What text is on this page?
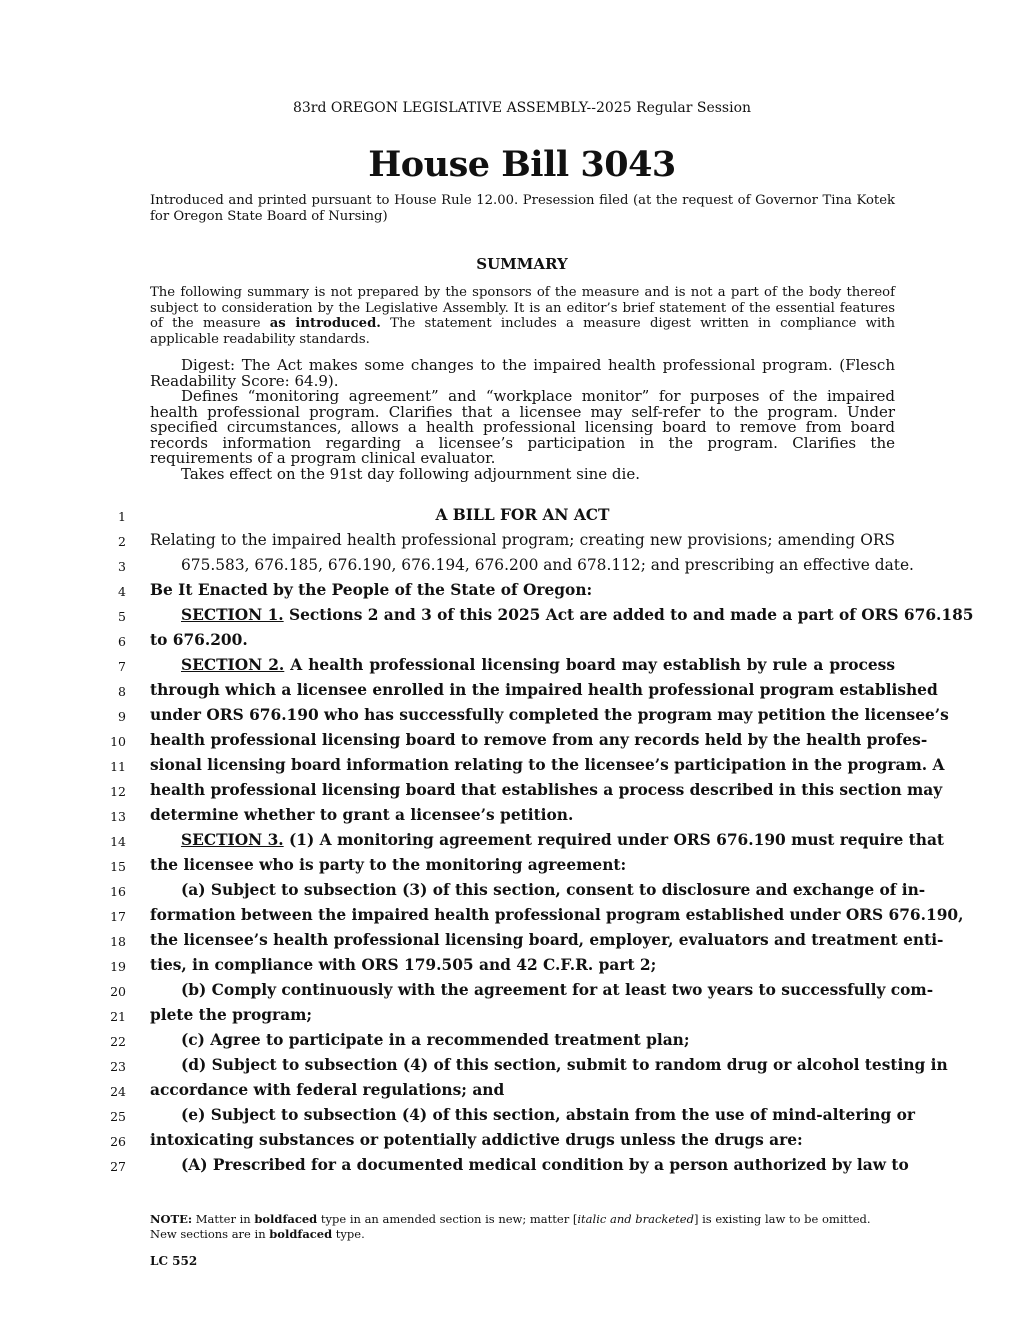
83rd OREGON LEGISLATIVE ASSEMBLY--2025 Regular Session
House Bill 3043

Introduced and printed pursuant to House Rule 12.00. Presession filed (at the request of Governor Tina Kotek for Oregon State Board of Nursing)

SUMMARY

The following summary is not prepared by the sponsors of the measure and is not a part of the body thereof subject to consideration by the Legislative Assembly. It is an editor’s brief statement of the essential features of the measure as introduced. The statement includes a measure digest written in compliance with applicable readability standards.

Digest: The Act makes some changes to the impaired health professional program. (Flesch Readability Score: 64.9).

Defines “monitoring agreement” and “workplace monitor” for purposes of the impaired health professional program. Clarifies that a licensee may self-refer to the program. Under specified circumstances, allows a health professional licensing board to remove from board records information regarding a licensee’s participation in the program. Clarifies the requirements of a program clinical evaluator.

Takes effect on the 91st day following adjournment sine die.

1	A BILL FOR AN ACT
2 Relating to the impaired health professional program; creating new provisions; amending ORS
3	675.583, 676.185, 676.190, 676.194, 676.200 and 678.112; and prescribing an effective date.
4 Be It Enacted by the People of the State of Oregon:
5	SECTION 1. Sections 2 and 3 of this 2025 Act are added to and made a part of ORS 676.185
6 to 676.200.
7	SECTION 2. A health professional licensing board may establish by rule a process
8 through which a licensee enrolled in the impaired health professional program established
9 under ORS 676.190 who has successfully completed the program may petition the licensee’s
10 health professional licensing board to remove from any records held by the health profes-
11 sional licensing board information relating to the licensee’s participation in the program. A
12 health professional licensing board that establishes a process described in this section may
13 determine whether to grant a licensee’s petition.
14	SECTION 3. (1) A monitoring agreement required under ORS 676.190 must require that
15 the licensee who is party to the monitoring agreement:
16	(a) Subject to subsection (3) of this section, consent to disclosure and exchange of in-
17 formation between the impaired health professional program established under ORS 676.190,
18 the licensee’s health professional licensing board, employer, evaluators and treatment enti-
19 ties, in compliance with ORS 179.505 and 42 C.F.R. part 2;
20	(b) Comply continuously with the agreement for at least two years to successfully com-
21 plete the program;
22	(c) Agree to participate in a recommended treatment plan;
23	(d) Subject to subsection (4) of this section, submit to random drug or alcohol testing in
24 accordance with federal regulations; and
25	(e) Subject to subsection (4) of this section, abstain from the use of mind-altering or
26 intoxicating substances or potentially addictive drugs unless the drugs are:
27	(A) Prescribed for a documented medical condition by a person authorized by law to
NOTE: Matter in boldfaced type in an amended section is new; matter [italic and bracketed] is existing law to be omitted.
New sections are in boldfaced type.
LC 552
